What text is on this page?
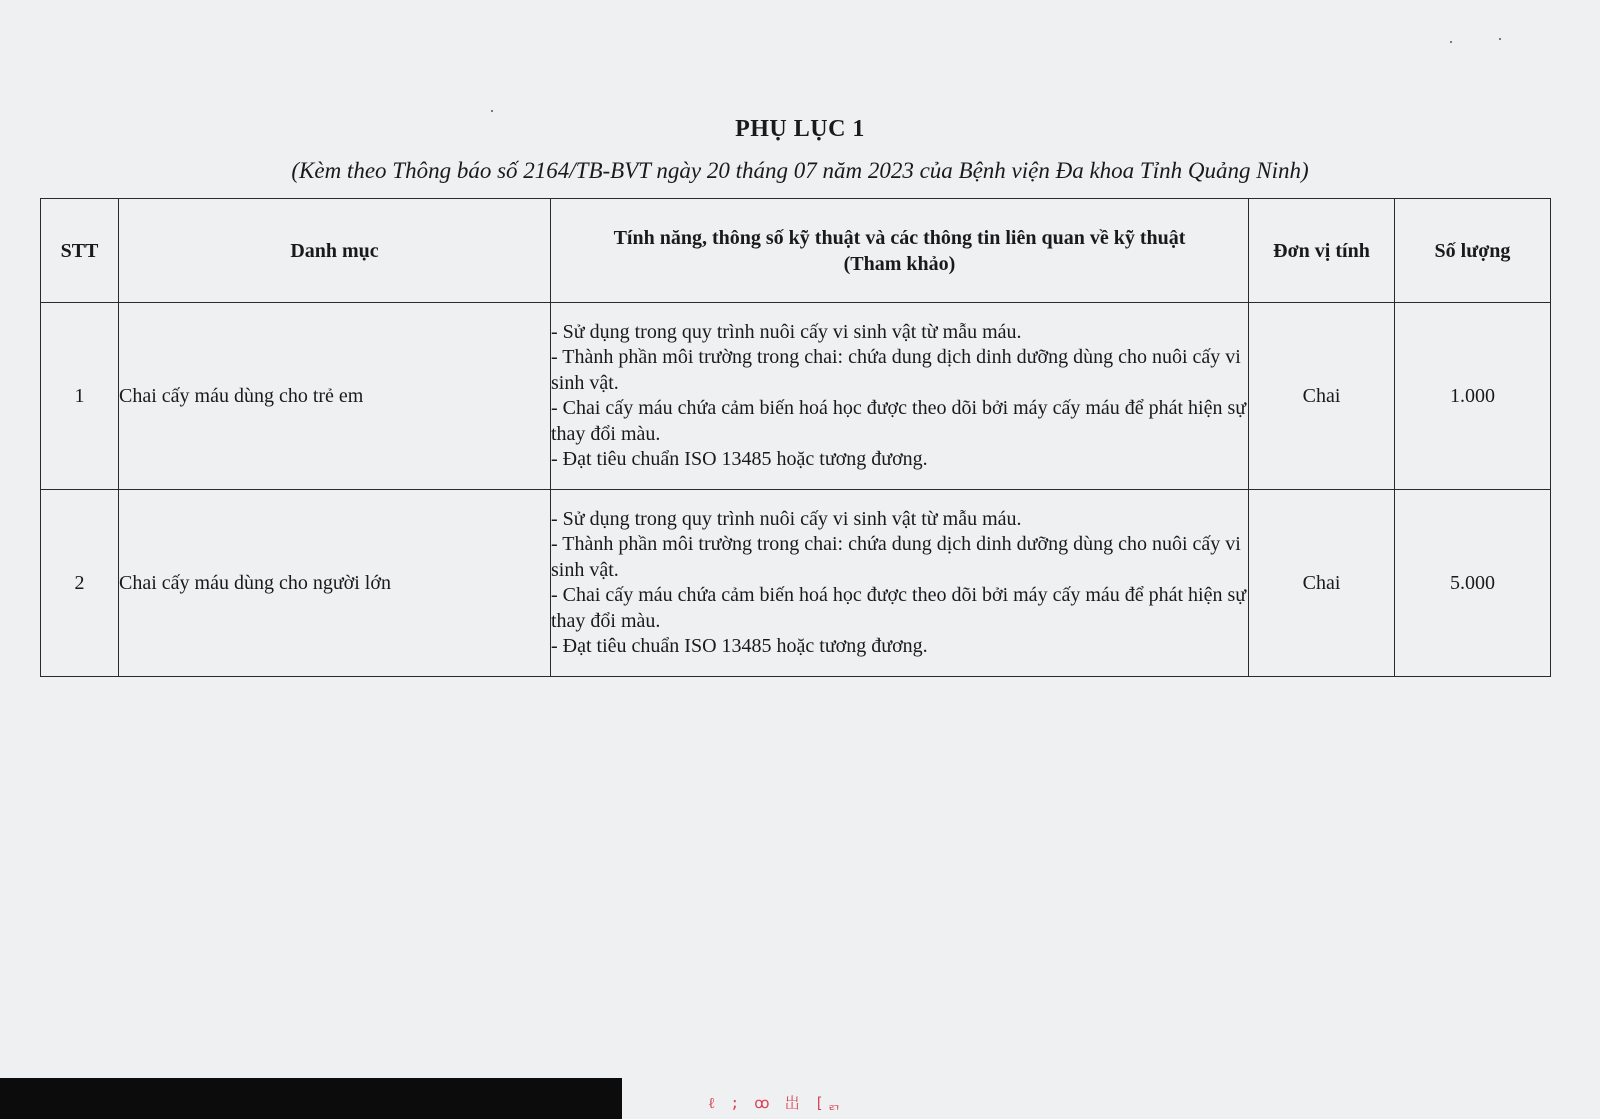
PHỤ LỤC 1
(Kèm theo Thông báo số 2164/TB-BVT ngày 20 tháng 07 năm 2023 của Bệnh viện Đa khoa Tỉnh Quảng Ninh)
STT	Danh mục	Tính năng, thông số kỹ thuật và các thông tin liên quan về kỹ thuật
(Tham khảo)	Đơn vị tính	Số lượng
1	Chai cấy máu dùng cho trẻ em	- Sử dụng trong quy trình nuôi cấy vi sinh vật từ mẫu máu.
- Thành phần môi trường trong chai: chứa dung dịch dinh dưỡng dùng cho nuôi cấy vi sinh vật.
- Chai cấy máu chứa cảm biến hoá học được theo dõi bởi máy cấy máu để phát hiện sự thay đổi màu.
- Đạt tiêu chuẩn ISO 13485 hoặc tương đương.	Chai	1.000
2	Chai cấy máu dùng cho người lớn	- Sử dụng trong quy trình nuôi cấy vi sinh vật từ mẫu máu.
- Thành phần môi trường trong chai: chứa dung dịch dinh dưỡng dùng cho nuôi cấy vi sinh vật.
- Chai cấy máu chứa cảm biến hoá học được theo dõi bởi máy cấy máu để phát hiện sự thay đổi màu.
- Đạt tiêu chuẩn ISO 13485 hoặc tương đương.	Chai	5.000
ℓ ; ꝏ 岀 [ᆰ
